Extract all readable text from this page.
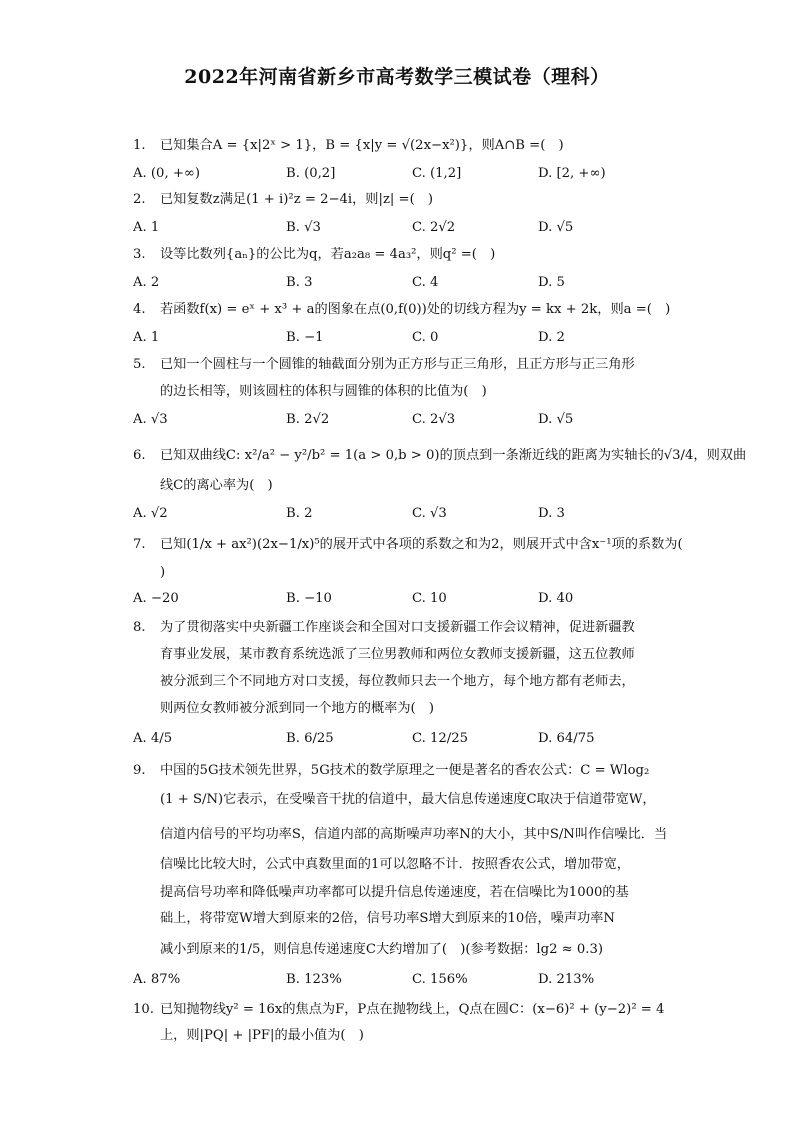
2022年河南省新乡市高考数学三模试卷（理科）
1. 已知集合A = {x|2ˣ > 1}，B = {x|y = √(2x−x²)}，则A∩B =(　)
A. (0, +∞)	B. (0,2]	C. (1,2]	D. [2, +∞)
2. 已知复数z满足(1 + i)²z = 2−4i，则|z| =(　)
A. 1	B. √3	C. 2√2	D. √5
3. 设等比数列{aₙ}的公比为q，若a₂a₈ = 4a₃²，则q² =(　)
A. 2	B. 3	C. 4	D. 5
4. 若函数f(x) = eˣ + x³ + a的图象在点(0,f(0))处的切线方程为y = kx + 2k，则a =(　)
A. 1	B. −1	C. 0	D. 2
5. 已知一个圆柱与一个圆锥的轴截面分别为正方形与正三角形，且正方形与正三角形
的边长相等，则该圆柱的体积与圆锥的体积的比值为(　)
A. √3	B. 2√2	C. 2√3	D. √5
6. 已知双曲线C: x²/a² − y²/b² = 1(a > 0,b > 0)的顶点到一条渐近线的距离为实轴长的√3/4，则双曲
线C的离心率为(　)
A. √2	B. 2	C. √3	D. 3
7. 已知(1/x + ax²)(2x−1/x)⁵的展开式中各项的系数之和为2，则展开式中含x⁻¹项的系数为(
)
A. −20	B. −10	C. 10	D. 40
8. 为了贯彻落实中央新疆工作座谈会和全国对口支援新疆工作会议精神，促进新疆教
育事业发展，某市教育系统选派了三位男教师和两位女教师支援新疆，这五位教师
被分派到三个不同地方对口支援，每位教师只去一个地方，每个地方都有老师去，
则两位女教师被分派到同一个地方的概率为(　)
A. 4/5	B. 6/25	C. 12/25	D. 64/75
9. 中国的5G技术领先世界，5G技术的数学原理之一便是著名的香农公式：C = Wlog₂
(1 + S/N)它表示，在受噪音干扰的信道中，最大信息传递速度C取决于信道带宽W，
信道内信号的平均功率S，信道内部的高斯噪声功率N的大小，其中S/N叫作信噪比．当
信噪比比较大时，公式中真数里面的1可以忽略不计．按照香农公式，增加带宽，
提高信号功率和降低噪声功率都可以提升信息传递速度，若在信噪比为1000的基
础上，将带宽W增大到原来的2倍，信号功率S增大到原来的10倍，噪声功率N
减小到原来的1/5，则信息传递速度C大约增加了(　)(参考数据：lg2 ≈ 0.3)
A. 87%	B. 123%	C. 156%	D. 213%
10. 已知抛物线y² = 16x的焦点为F，P点在抛物线上，Q点在圆C：(x−6)² + (y−2)² = 4
上，则|PQ| + |PF|的最小值为(　)
